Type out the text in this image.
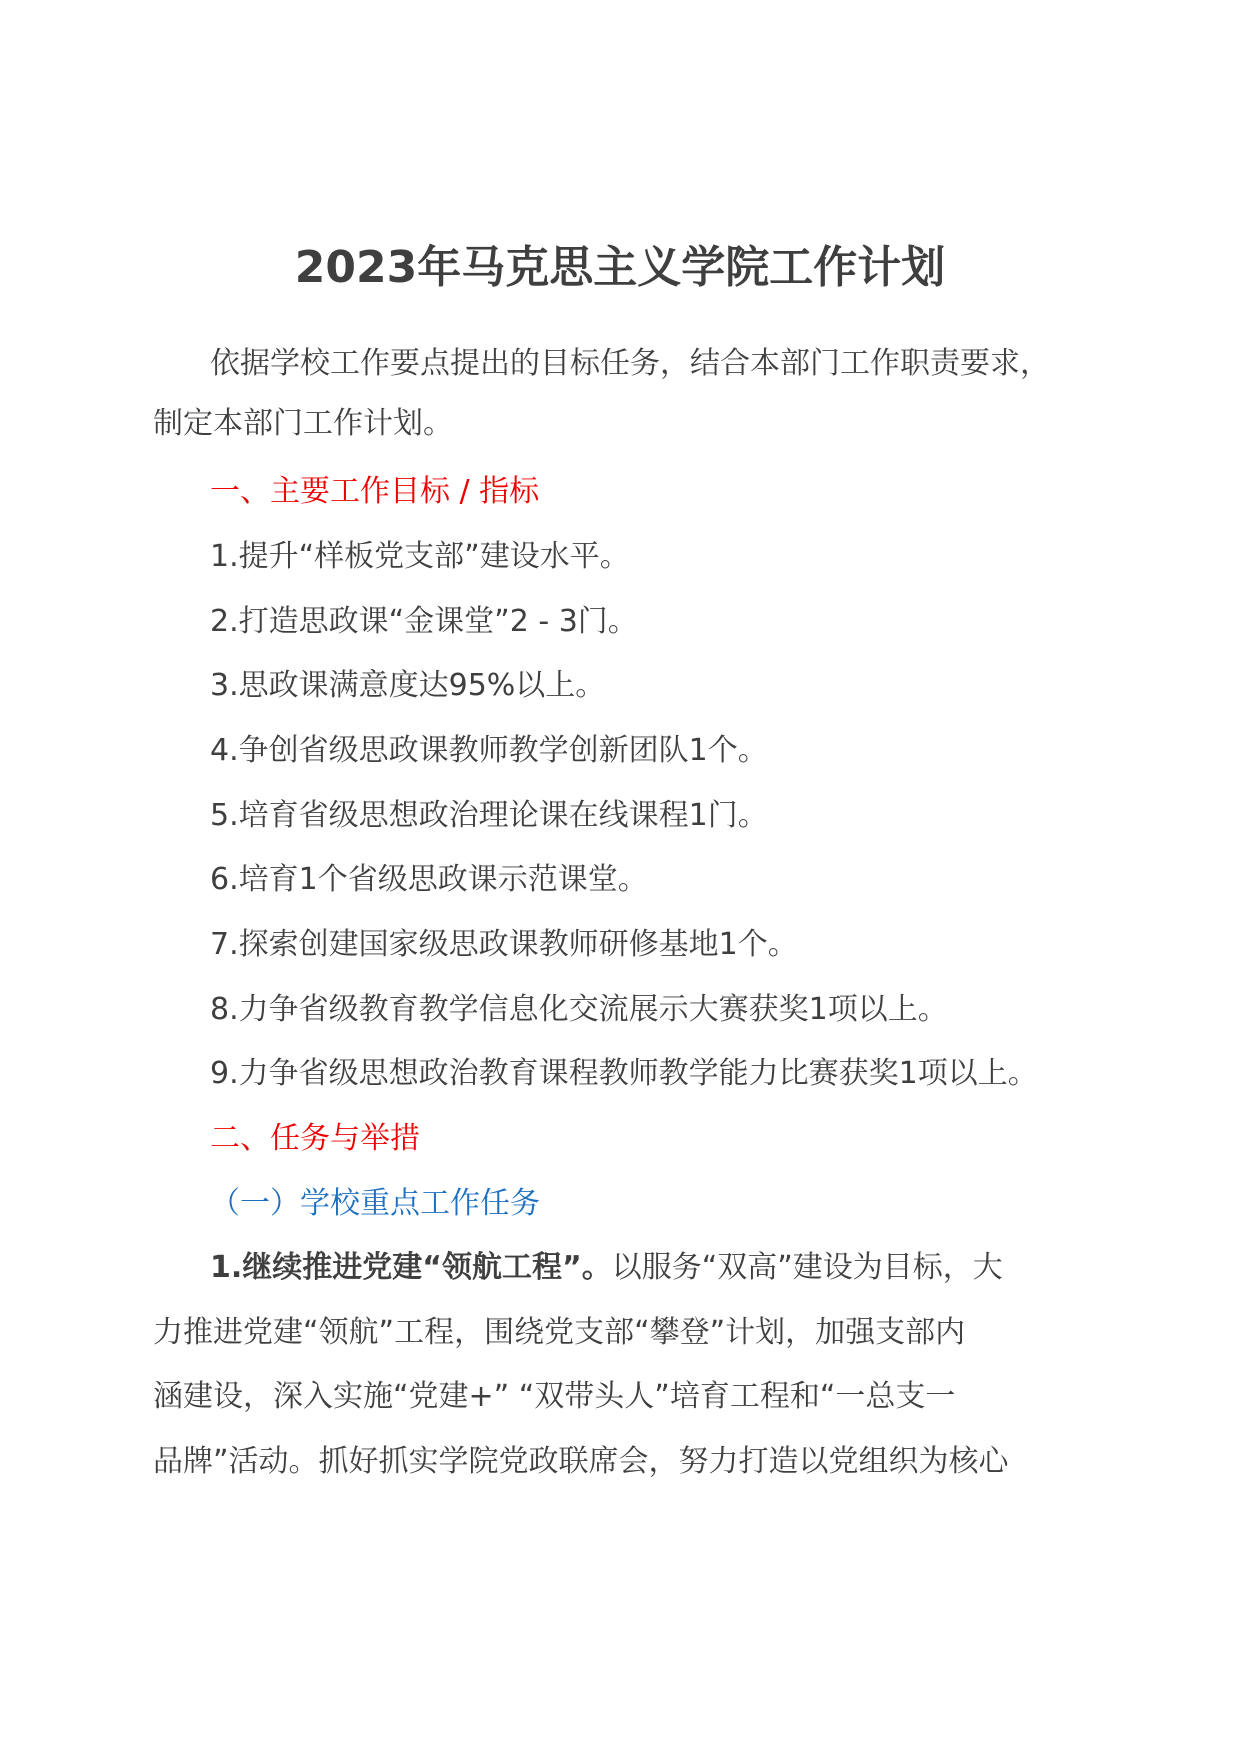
2023年马克思主义学院工作计划

依据学校工作要点提出的目标任务，结合本部门工作职责要求，

制定本部门工作计划。

一、主要工作目标 / 指标

1.提升“样板党支部”建设水平。

2.打造思政课“金课堂”2 - 3门。

3.思政课满意度达95%以上。

4.争创省级思政课教师教学创新团队1个。

5.培育省级思想政治理论课在线课程1门。

6.培育1个省级思政课示范课堂。

7.探索创建国家级思政课教师研修基地1个。

8.力争省级教育教学信息化交流展示大赛获奖1项以上。

9.力争省级思想政治教育课程教师教学能力比赛获奖1项以上。

二、任务与举措

（一）学校重点工作任务

1.继续推进党建“领航工程”。以服务“双高”建设为目标，大

力推进党建“领航”工程，围绕党支部“攀登”计划，加强支部内

涵建设，深入实施“党建+” “双带头人”培育工程和“一总支一

品牌”活动。抓好抓实学院党政联席会，努力打造以党组织为核心
